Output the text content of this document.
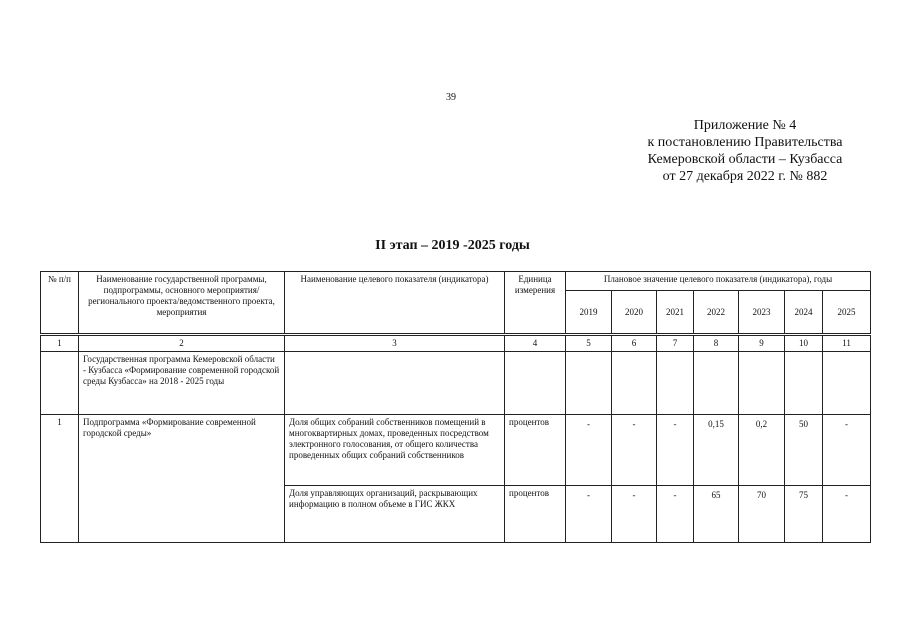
39
Приложение № 4
к постановлению Правительства
Кемеровской области – Кузбасса
от 27 декабря 2022 г. № 882
II этап – 2019 -2025 годы
№ п/п	Наименование государственной программы, подпрограммы, основного мероприятия/регионального проекта/ведомственного проекта, мероприятия	Наименование целевого показателя (индикатора)	Единица измерения	Плановое значение целевого показателя (индикатора), годы						
				2019	2020	2021	2022	2023	2024	2025
1	2	3	4	5	6	7	8	9	10	11
	Государственная программа Кемеровской области - Кузбасса «Формирование современной городской среды Кузбасса» на 2018 - 2025 годы									
1	Подпрограмма «Формирование современной городской среды»	Доля общих собраний собственников помещений в многоквартирных домах, проведенных посредством электронного голосования, от общего количества проведенных общих собраний собственников	процентов	-	-	-	0,15	0,2	50	-
		Доля управляющих организаций, раскрывающих информацию в полном объеме в ГИС ЖКХ	процентов	-	-	-	65	70	75	-
